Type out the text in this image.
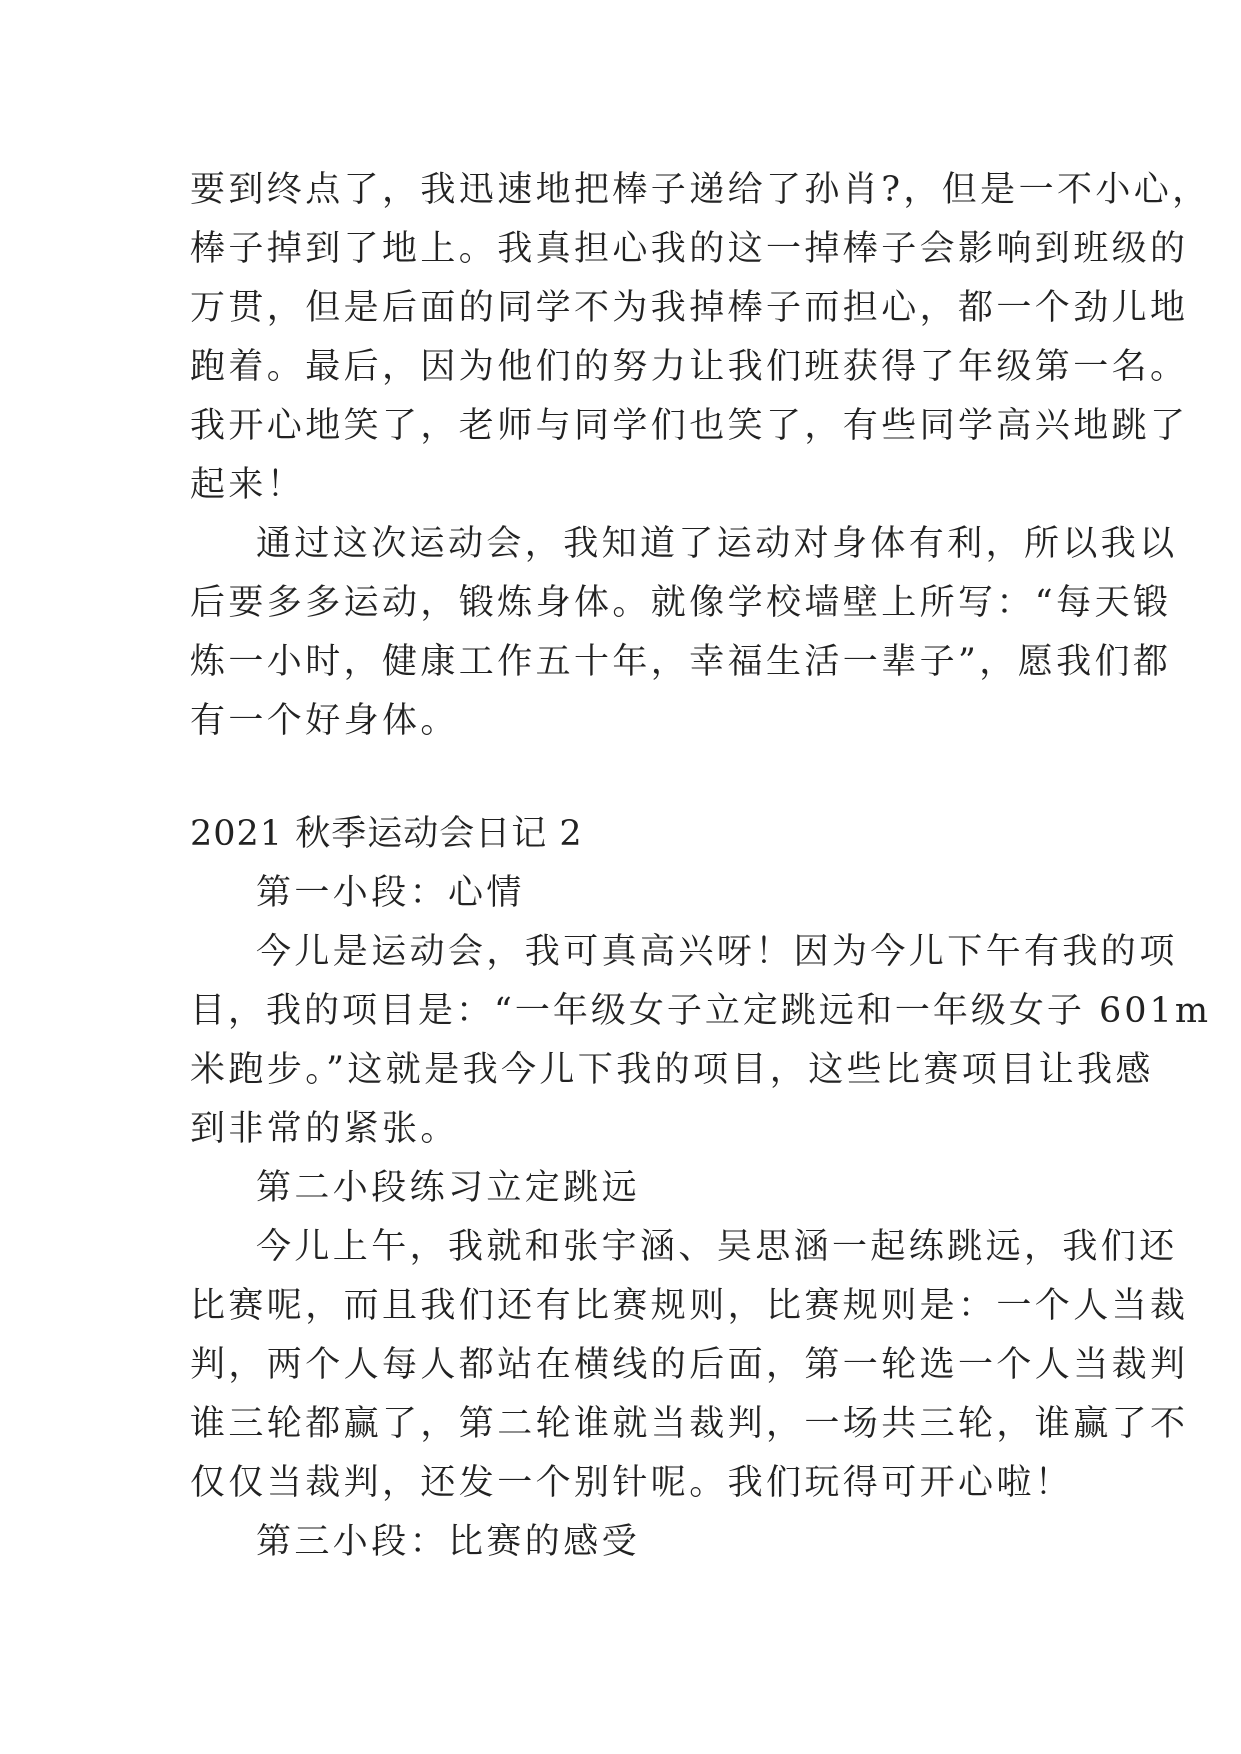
要到终点了，我迅速地把棒子递给了孙肖?，但是一不小心，
棒子掉到了地上。我真担心我的这一掉棒子会影响到班级的
万贯，但是后面的同学不为我掉棒子而担心，都一个劲儿地
跑着。最后，因为他们的努力让我们班获得了年级第一名。
我开心地笑了，老师与同学们也笑了，有些同学高兴地跳了
起来！
通过这次运动会，我知道了运动对身体有利，所以我以
后要多多运动，锻炼身体。就像学校墙壁上所写：“每天锻
炼一小时，健康工作五十年，幸福生活一辈子”，愿我们都
有一个好身体。
2021 秋季运动会日记 2
第一小段：心情
今儿是运动会，我可真高兴呀！因为今儿下午有我的项
目，我的项目是：“一年级女子立定跳远和一年级女子 601m
米跑步。”这就是我今儿下我的项目，这些比赛项目让我感
到非常的紧张。
第二小段练习立定跳远
今儿上午，我就和张宇涵、吴思涵一起练跳远，我们还
比赛呢，而且我们还有比赛规则，比赛规则是：一个人当裁
判，两个人每人都站在横线的后面，第一轮选一个人当裁判
谁三轮都赢了，第二轮谁就当裁判，一场共三轮，谁赢了不
仅仅当裁判，还发一个别针呢。我们玩得可开心啦！
第三小段：比赛的感受
